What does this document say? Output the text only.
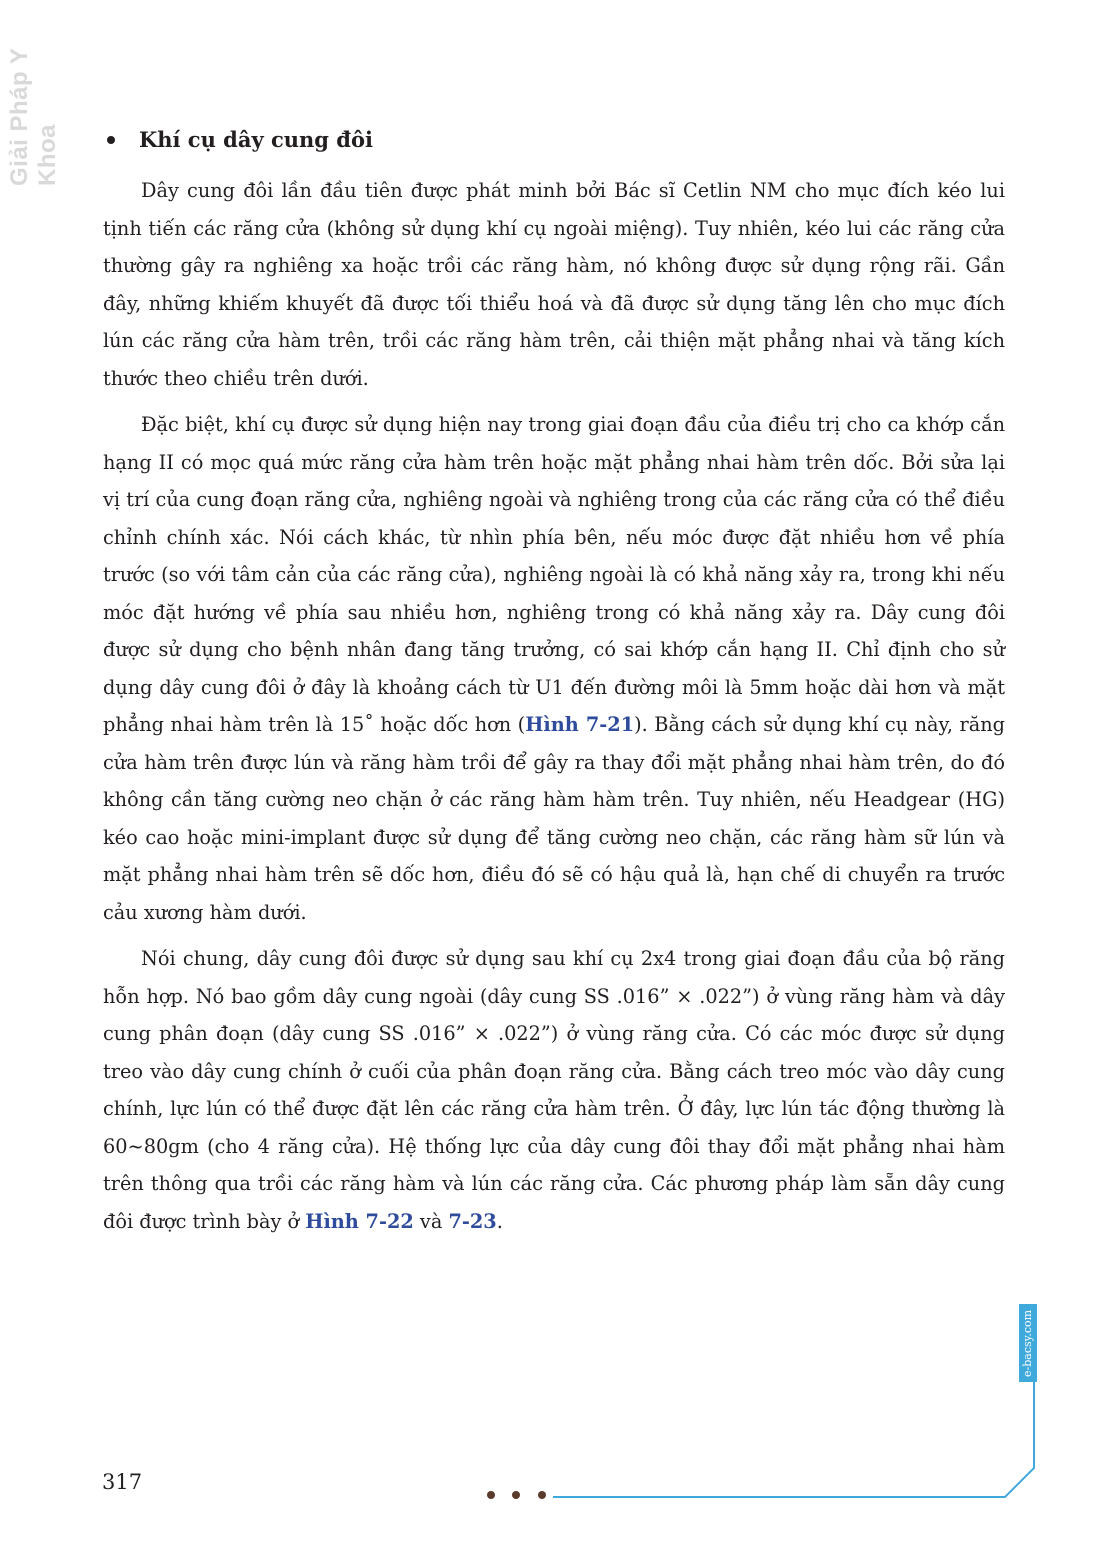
Giải Pháp Y Khoa	Khí cụ dây cung đôi

Dây cung đôi lần đầu tiên được phát minh bởi Bác sĩ Cetlin NM cho mục đích kéo lui tịnh tiến các răng cửa (không sử dụng khí cụ ngoài miệng). Tuy nhiên, kéo lui các răng cửa thường gây ra nghiêng xa hoặc trồi các răng hàm, nó không được sử dụng rộng rãi. Gần đây, những khiếm khuyết đã được tối thiểu hoá và đã được sử dụng tăng lên cho mục đích lún các răng cửa hàm trên, trồi các răng hàm trên, cải thiện mặt phẳng nhai và tăng kích thước theo chiều trên dưới.

Đặc biệt, khí cụ được sử dụng hiện nay trong giai đoạn đầu của điều trị cho ca khớp cắn hạng II có mọc quá mức răng cửa hàm trên hoặc mặt phẳng nhai hàm trên dốc. Bởi sửa lại vị trí của cung đoạn răng cửa, nghiêng ngoài và nghiêng trong của các răng cửa có thể điều chỉnh chính xác. Nói cách khác, từ nhìn phía bên, nếu móc được đặt nhiều hơn về phía trước (so với tâm cản của các răng cửa), nghiêng ngoài là có khả năng xảy ra, trong khi nếu móc đặt hướng về phía sau nhiều hơn, nghiêng trong có khả năng xảy ra. Dây cung đôi được sử dụng cho bệnh nhân đang tăng trưởng, có sai khớp cắn hạng II. Chỉ định cho sử dụng dây cung đôi ở đây là khoảng cách từ U1 đến đường môi là 5mm hoặc dài hơn và mặt phẳng nhai hàm trên là 15˚ hoặc dốc hơn (Hình 7-21). Bằng cách sử dụng khí cụ này, răng cửa hàm trên được lún và răng hàm trồi để gây ra thay đổi mặt phẳng nhai hàm trên, do đó không cần tăng cường neo chặn ở các răng hàm hàm trên. Tuy nhiên, nếu Headgear (HG) kéo cao hoặc mini-implant được sử dụng để tăng cường neo chặn, các răng hàm sữ lún và mặt phẳng nhai hàm trên sẽ dốc hơn, điều đó sẽ có hậu quả là, hạn chế di chuyển ra trước cảu xương hàm dưới.

Nói chung, dây cung đôi được sử dụng sau khí cụ 2x4 trong giai đoạn đầu của bộ răng hỗn hợp. Nó bao gồm dây cung ngoài (dây cung SS .016” × .022”) ở vùng răng hàm và dây cung phân đoạn (dây cung SS .016” × .022”) ở vùng răng cửa. Có các móc được sử dụng treo vào dây cung chính ở cuối của phân đoạn răng cửa. Bằng cách treo móc vào dây cung chính, lực lún có thể được đặt lên các răng cửa hàm trên. Ở đây, lực lún tác động thường là 60~80gm (cho 4 răng cửa). Hệ thống lực của dây cung đôi thay đổi mặt phẳng nhai hàm trên thông qua trồi các răng hàm và lún các răng cửa. Các phương pháp làm sẵn dây cung đôi được trình bày ở Hình 7-22 và 7-23.

317
e-bacsy.com
